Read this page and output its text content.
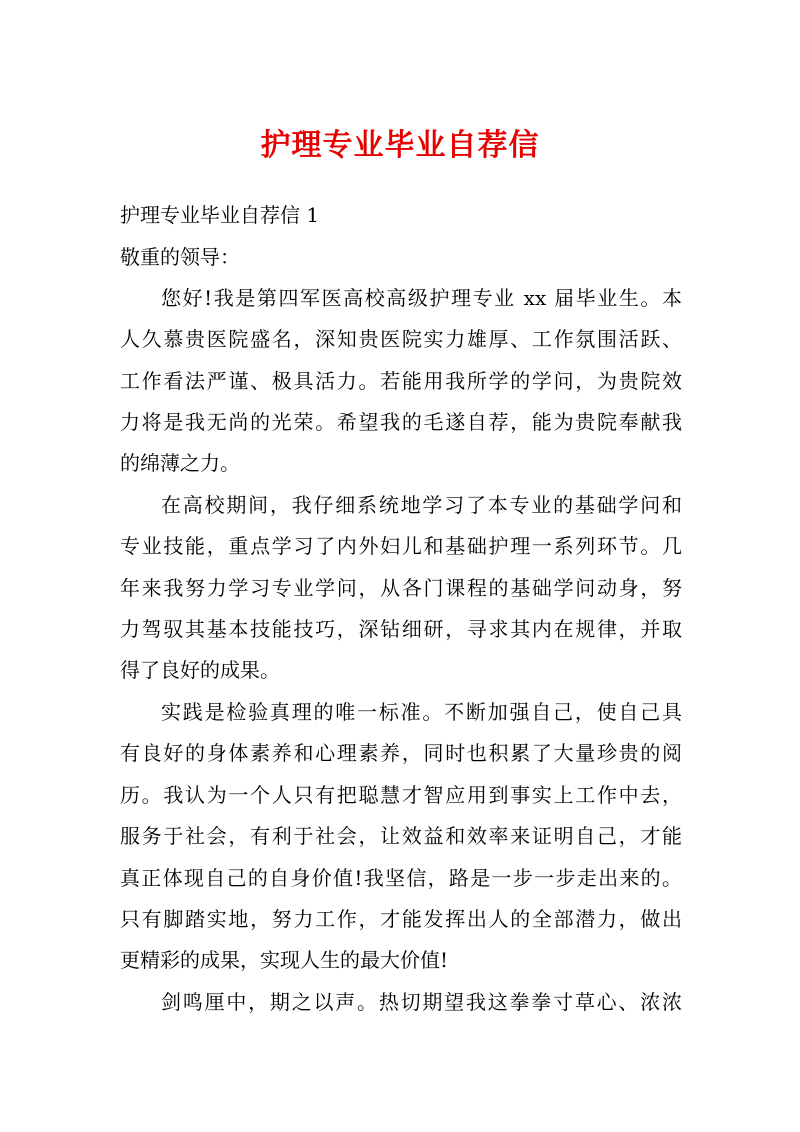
护理专业毕业自荐信
护理专业毕业自荐信 1
敬重的领导：
您好!我是第四军医高校高级护理专业 xx 届毕业生。本
人久慕贵医院盛名，深知贵医院实力雄厚、工作氛围活跃、
工作看法严谨、极具活力。若能用我所学的学问，为贵院效
力将是我无尚的光荣。希望我的毛遂自荐，能为贵院奉献我
的绵薄之力。
在高校期间，我仔细系统地学习了本专业的基础学问和
专业技能，重点学习了内外妇儿和基础护理一系列环节。几
年来我努力学习专业学问，从各门课程的基础学问动身，努
力驾驭其基本技能技巧，深钻细研，寻求其内在规律，并取
得了良好的成果。
实践是检验真理的唯一标准。不断加强自己，使自己具
有良好的身体素养和心理素养，同时也积累了大量珍贵的阅
历。我认为一个人只有把聪慧才智应用到事实上工作中去，
服务于社会，有利于社会，让效益和效率来证明自己，才能
真正体现自己的自身价值!我坚信，路是一步一步走出来的。
只有脚踏实地，努力工作，才能发挥出人的全部潜力，做出
更精彩的成果，实现人生的最大价值!
剑鸣厘中，期之以声。热切期望我这拳拳寸草心、浓浓
